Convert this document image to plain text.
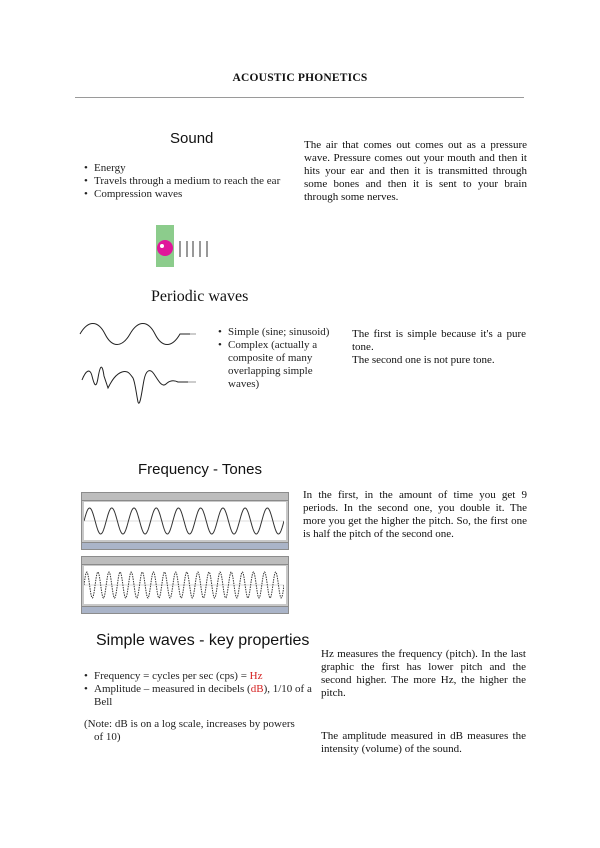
ACOUSTIC PHONETICS
Sound
• Energy
• Travels through a medium to reach the ear
• Compression waves
The air that comes out comes out as a pressure wave. Pressure comes out your mouth and then it hits your ear and then it is transmitted through some bones and then it is sent to your brain through some nerves.
Periodic waves
• Simple (sine; sinusoid)
• Complex (actually a composite of many overlapping simple waves)
The first is simple because it's a pure tone.
The second one is not pure tone.
Frequency - Tones
In the first, in the amount of time you get 9 periods. In the second one, you double it. The more you get the higher the pitch. So, the first one is half the pitch of the second one.
Simple waves - key properties
• Frequency = cycles per sec (cps) = Hz
• Amplitude – measured in decibels (dB), 1/10 of a Bell
(Note: dB is on a log scale, increases by powers of 10)
Hz measures the frequency (pitch). In the last graphic the first has lower pitch and the second higher. The more Hz, the higher the pitch.
The amplitude measured in dB measures the intensity (volume) of the sound.
